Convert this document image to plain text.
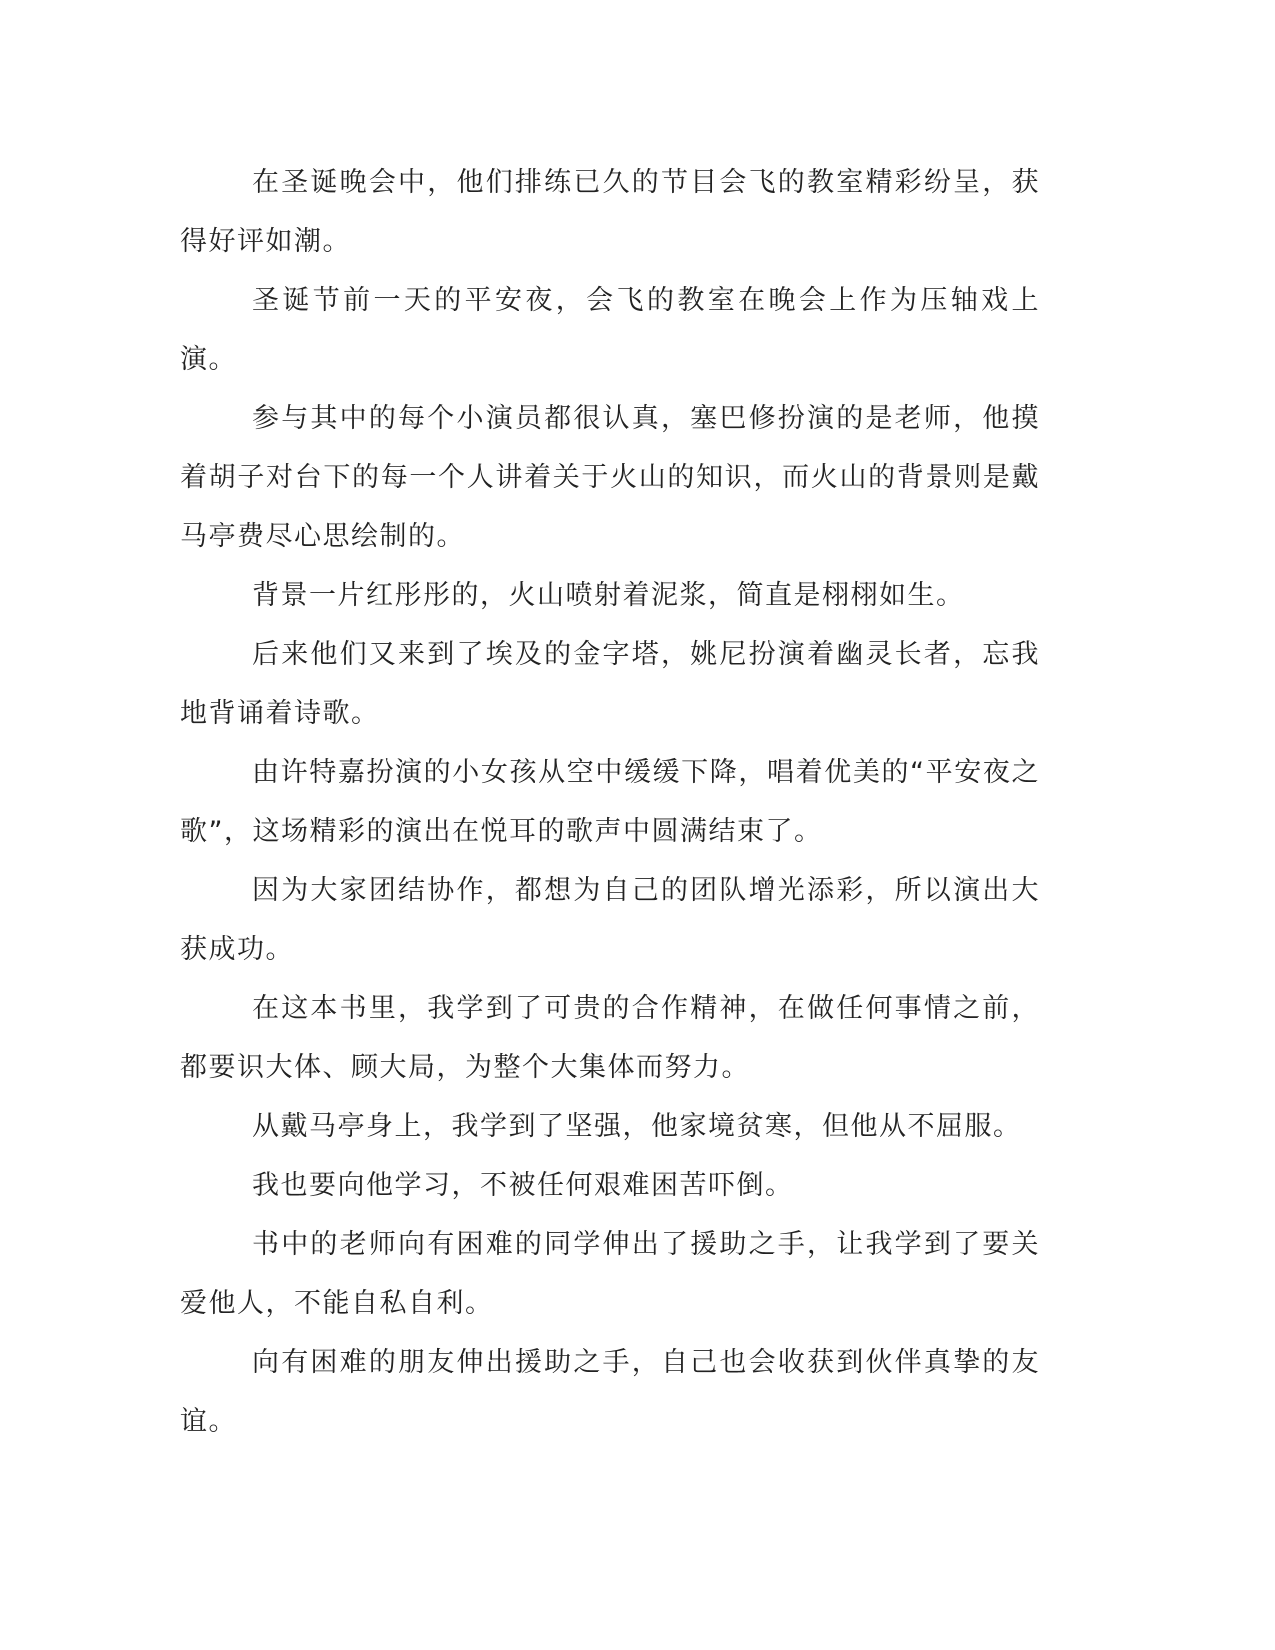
在圣诞晚会中，他们排练已久的节目会飞的教室精彩纷呈，获得好评如潮。

圣诞节前一天的平安夜，会飞的教室在晚会上作为压轴戏上演。

参与其中的每个小演员都很认真，塞巴修扮演的是老师，他摸着胡子对台下的每一个人讲着关于火山的知识，而火山的背景则是戴马亭费尽心思绘制的。

背景一片红彤彤的，火山喷射着泥浆，简直是栩栩如生。

后来他们又来到了埃及的金字塔，姚尼扮演着幽灵长者，忘我地背诵着诗歌。

由许特嘉扮演的小女孩从空中缓缓下降，唱着优美的“平安夜之歌”，这场精彩的演出在悦耳的歌声中圆满结束了。

因为大家团结协作，都想为自己的团队增光添彩，所以演出大获成功。

在这本书里，我学到了可贵的合作精神，在做任何事情之前，都要识大体、顾大局，为整个大集体而努力。

从戴马亭身上，我学到了坚强，他家境贫寒，但他从不屈服。

我也要向他学习，不被任何艰难困苦吓倒。

书中的老师向有困难的同学伸出了援助之手，让我学到了要关爱他人，不能自私自利。

向有困难的朋友伸出援助之手，自己也会收获到伙伴真挚的友谊。
